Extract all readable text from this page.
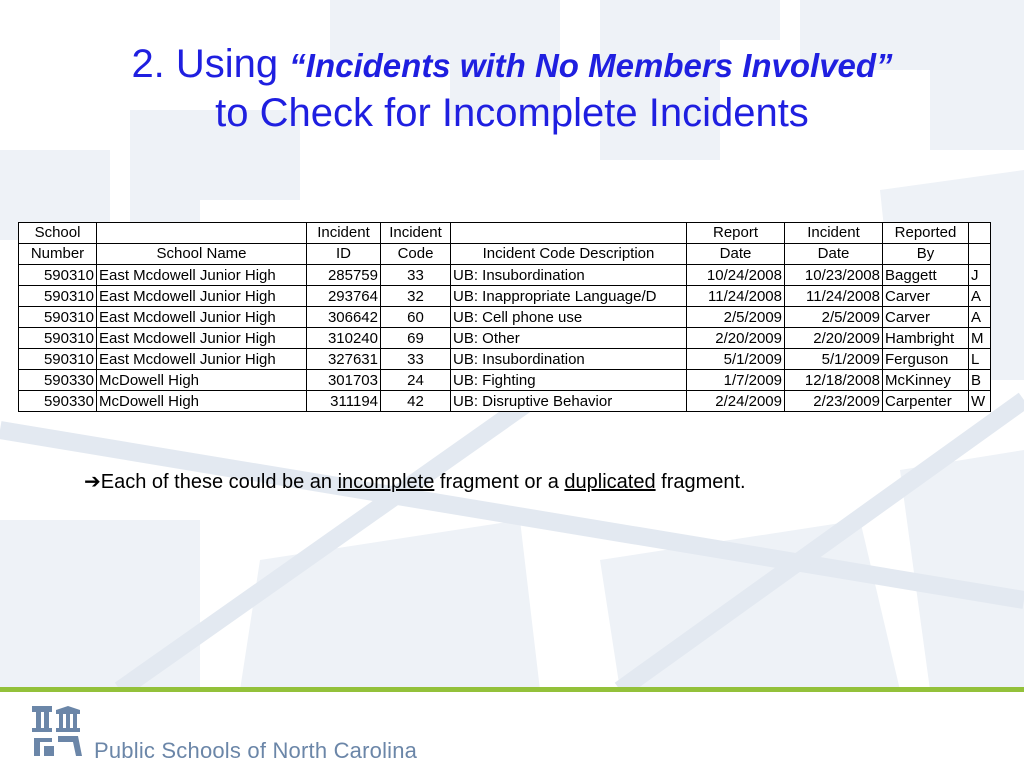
2. Using “Incidents with No Members Involved”
to Check for Incomplete Incidents
School		Incident	Incident		Report	Incident	Reported	
Number	School Name	ID	Code	Incident Code Description	Date	Date	By	
590310	East Mcdowell Junior High	285759	33	UB: Insubordination	10/24/2008	10/23/2008	Baggett	J
590310	East Mcdowell Junior High	293764	32	UB: Inappropriate Language/D	11/24/2008	11/24/2008	Carver	A
590310	East Mcdowell Junior High	306642	60	UB: Cell phone use	2/5/2009	2/5/2009	Carver	A
590310	East Mcdowell Junior High	310240	69	UB: Other	2/20/2009	2/20/2009	Hambright	M
590310	East Mcdowell Junior High	327631	33	UB: Insubordination	5/1/2009	5/1/2009	Ferguson	L
590330	McDowell High	301703	24	UB: Fighting	1/7/2009	12/18/2008	McKinney	B
590330	McDowell High	311194	42	UB: Disruptive Behavior	2/24/2009	2/23/2009	Carpenter	W
➔Each of these could be an incomplete fragment or a duplicated fragment.
Public Schools of North Carolina
